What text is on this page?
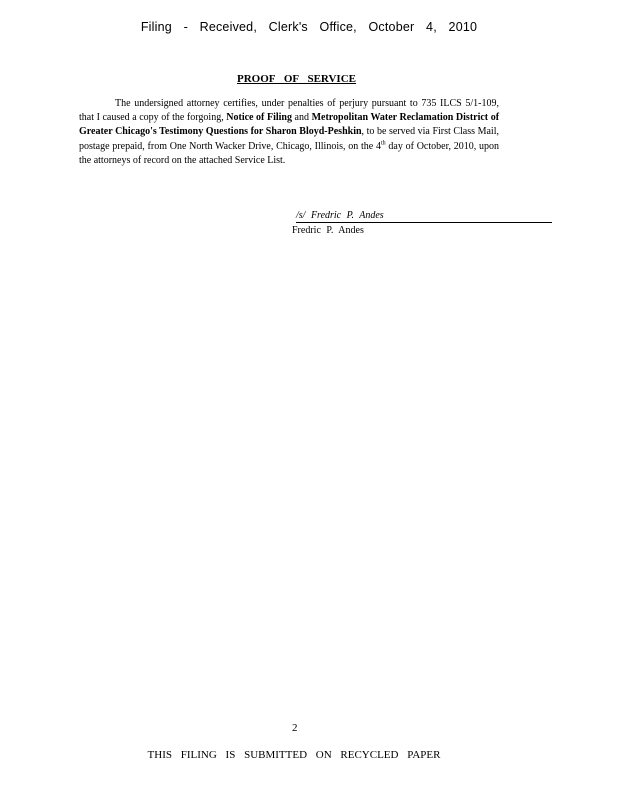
Filing - Received, Clerk's Office, October 4, 2010
PROOF OF SERVICE
The undersigned attorney certifies, under penalties of perjury pursuant to 735 ILCS 5/1-109, that I caused a copy of the forgoing, Notice of Filing and Metropolitan Water Reclamation District of Greater Chicago's Testimony Questions for Sharon Bloyd-Peshkin, to be served via First Class Mail, postage prepaid, from One North Wacker Drive, Chicago, Illinois, on the 4th day of October, 2010, upon the attorneys of record on the attached Service List.
/s/ Fredric P. Andes
Fredric P. Andes
2
THIS FILING IS SUBMITTED ON RECYCLED PAPER
